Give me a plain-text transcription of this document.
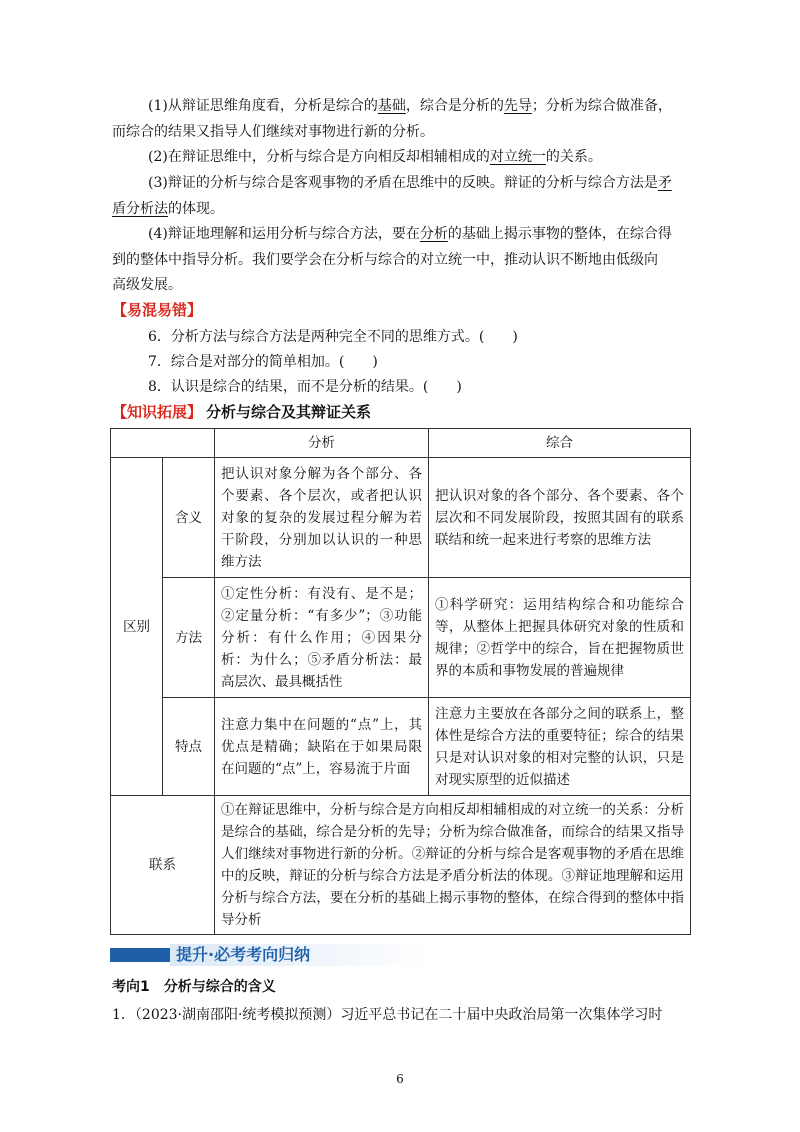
(1)从辩证思维角度看，分析是综合的基础，综合是分析的先导；分析为综合做准备，
而综合的结果又指导人们继续对事物进行新的分析。
(2)在辩证思维中，分析与综合是方向相反却相辅相成的对立统一的关系。
(3)辩证的分析与综合是客观事物的矛盾在思维中的反映。辩证的分析与综合方法是矛
盾分析法的体现。
(4)辩证地理解和运用分析与综合方法，要在分析的基础上揭示事物的整体，在综合得
到的整体中指导分析。我们要学会在分析与综合的对立统一中，推动认识不断地由低级向
高级发展。
【易混易错】
6．分析方法与综合方法是两种完全不同的思维方式。(　　)
7．综合是对部分的简单相加。(　　)
8．认识是综合的结果，而不是分析的结果。(　　)
【知识拓展】 分析与综合及其辩证关系
		分析	综合
区别	含义	把认识对象分解为各个部分、各个要素、各个层次，或者把认识对象的复杂的发展过程分解为若干阶段，分别加以认识的一种思维方法	把认识对象的各个部分、各个要素、各个层次和不同发展阶段，按照其固有的联系联结和统一起来进行考察的思维方法
	方法	①定性分析：有没有、是不是；②定量分析：“有多少”；③功能分析：有什么作用；④因果分析：为什么；⑤矛盾分析法：最高层次、最具概括性	①科学研究：运用结构综合和功能综合等，从整体上把握具体研究对象的性质和规律；②哲学中的综合，旨在把握物质世界的本质和事物发展的普遍规律
	特点	注意力集中在问题的“点”上，其优点是精确；缺陷在于如果局限在问题的“点”上，容易流于片面	注意力主要放在各部分之间的联系上，整体性是综合方法的重要特征；综合的结果只是对认识对象的相对完整的认识，只是对现实原型的近似描述
联系		①在辩证思维中，分析与综合是方向相反却相辅相成的对立统一的关系：分析是综合的基础，综合是分析的先导；分析为综合做准备，而综合的结果又指导人们继续对事物进行新的分析。②辩证的分析与综合是客观事物的矛盾在思维中的反映，辩证的分析与综合方法是矛盾分析法的体现。③辩证地理解和运用分析与综合方法，要在分析的基础上揭示事物的整体，在综合得到的整体中指导分析	
提升·必考考向归纳
考向1　分析与综合的含义
1．（2023·湖南邵阳·统考模拟预测）习近平总书记在二十届中央政治局第一次集体学习时
6
